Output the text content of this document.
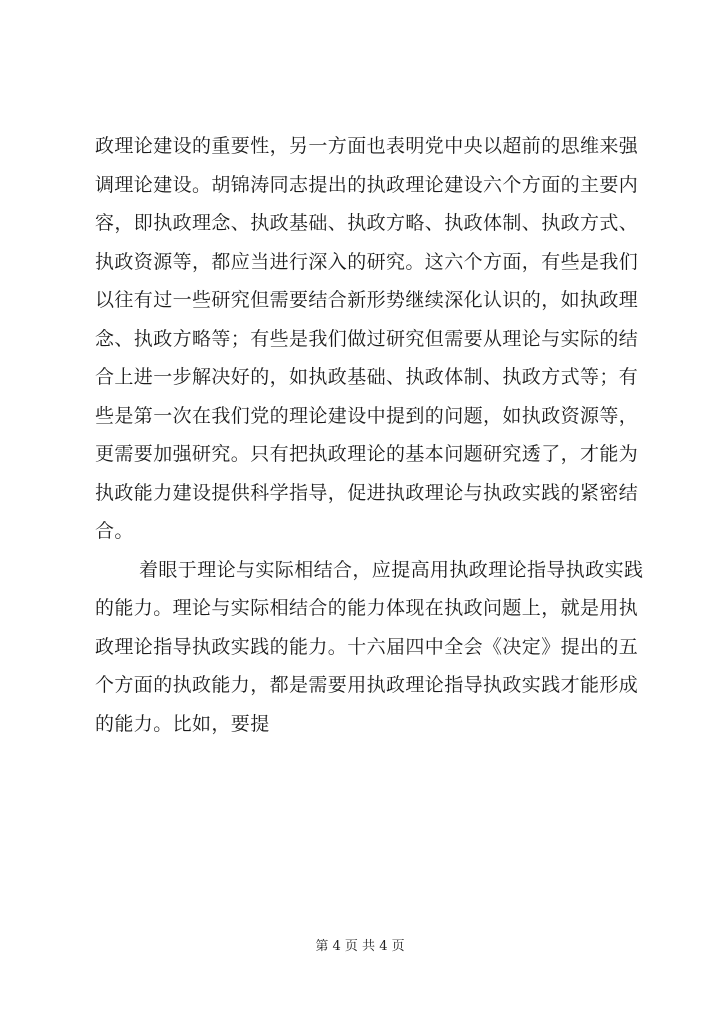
政理论建设的重要性，另一方面也表明党中央以超前的思维来强
调理论建设。胡锦涛同志提出的执政理论建设六个方面的主要内
容，即执政理念、执政基础、执政方略、执政体制、执政方式、
执政资源等，都应当进行深入的研究。这六个方面，有些是我们
以往有过一些研究但需要结合新形势继续深化认识的，如执政理
念、执政方略等；有些是我们做过研究但需要从理论与实际的结
合上进一步解决好的，如执政基础、执政体制、执政方式等；有
些是第一次在我们党的理论建设中提到的问题，如执政资源等，
更需要加强研究。只有把执政理论的基本问题研究透了，才能为
执政能力建设提供科学指导，促进执政理论与执政实践的紧密结
合。
着眼于理论与实际相结合，应提高用执政理论指导执政实践
的能力。理论与实际相结合的能力体现在执政问题上，就是用执
政理论指导执政实践的能力。十六届四中全会《决定》提出的五
个方面的执政能力，都是需要用执政理论指导执政实践才能形成
的能力。比如，要提
第 4 页 共 4 页
